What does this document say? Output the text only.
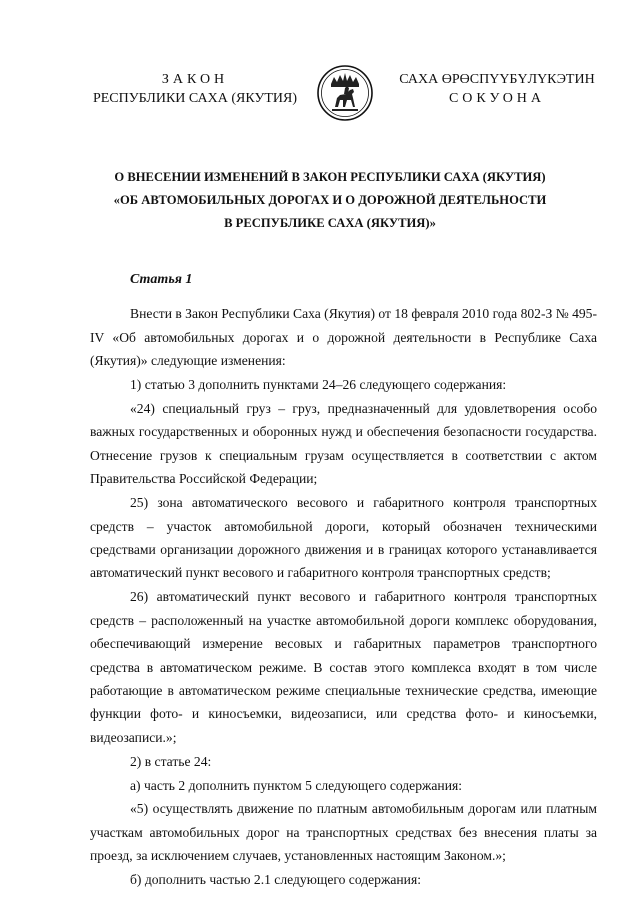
ЗАКОН
РЕСПУБЛИКИ САХА (ЯКУТИЯ)
САХА ӨРӨСПҮҮБҮЛҮКЭТИН
СОКУОНА
О ВНЕСЕНИИ ИЗМЕНЕНИЙ В ЗАКОН РЕСПУБЛИКИ САХА (ЯКУТИЯ)
«ОБ АВТОМОБИЛЬНЫХ ДОРОГАХ И О ДОРОЖНОЙ ДЕЯТЕЛЬНОСТИ
В РЕСПУБЛИКЕ САХА (ЯКУТИЯ)»
Статья 1

Внести в Закон Республики Саха (Якутия) от 18 февраля 2010 года 802-З № 495-IV «Об автомобильных дорогах и о дорожной деятельности в Республике Саха (Якутия)» следующие изменения:

1) статью 3 дополнить пунктами 24–26 следующего содержания:

«24) специальный груз – груз, предназначенный для удовлетворения особо важных государственных и оборонных нужд и обеспечения безопасности государства. Отнесение грузов к специальным грузам осуществляется в соответствии с актом Правительства Российской Федерации;

25) зона автоматического весового и габаритного контроля транспортных средств – участок автомобильной дороги, который обозначен техническими средствами организации дорожного движения и в границах которого устанавливается автоматический пункт весового и габаритного контроля транспортных средств;

26) автоматический пункт весового и габаритного контроля транспортных средств – расположенный на участке автомобильной дороги комплекс оборудования, обеспечивающий измерение весовых и габаритных параметров транспортного средства в автоматическом режиме. В состав этого комплекса входят в том числе работающие в автоматическом режиме специальные технические средства, имеющие функции фото- и киносъемки, видеозаписи, или средства фото- и киносъемки, видеозаписи.»;

2) в статье 24:

а) часть 2 дополнить пунктом 5 следующего содержания:

«5) осуществлять движение по платным автомобильным дорогам или платным участкам автомобильных дорог на транспортных средствах без внесения платы за проезд, за исключением случаев, установленных настоящим Законом.»;

б) дополнить частью 2.1 следующего содержания:
